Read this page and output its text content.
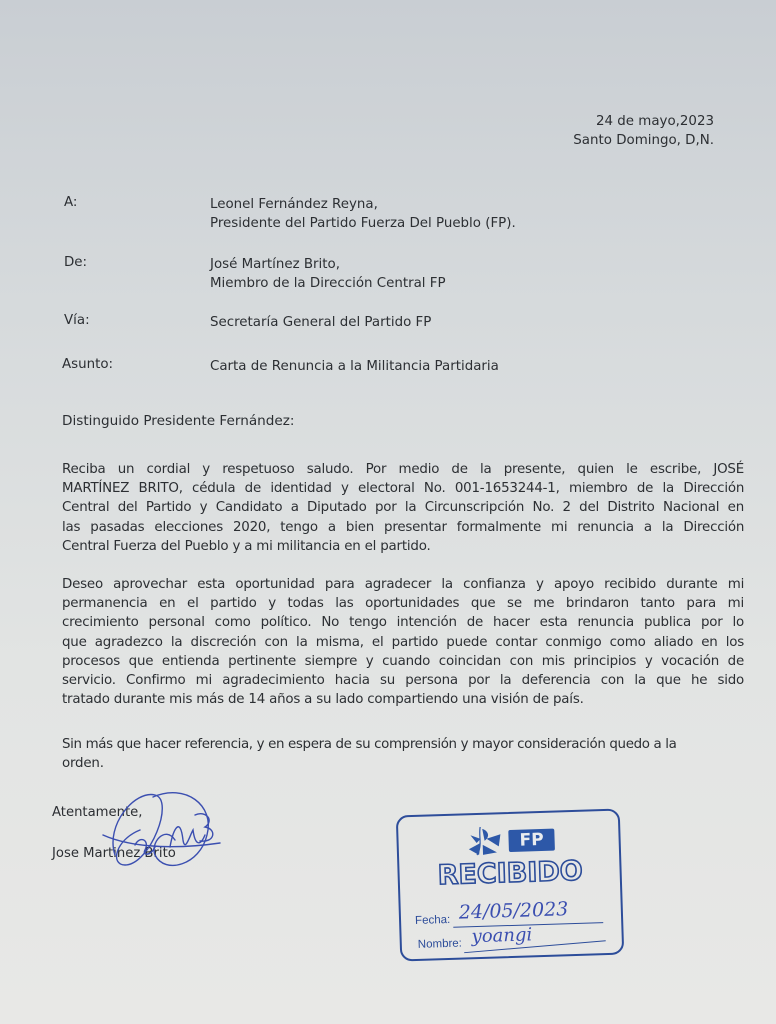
24 de mayo,2023
Santo Domingo, D,N.
A:	Leonel Fernández Reyna,
Presidente del Partido Fuerza Del Pueblo (FP).
De:	José Martínez Brito,
Miembro de la Dirección Central FP
Vía:	Secretaría General del Partido FP
Asunto:	Carta de Renuncia a la Militancia Partidaria
Distinguido Presidente Fernández:
Reciba un cordial y respetuoso saludo. Por medio de la presente, quien le escribe, JOSÉ
MARTÍNEZ BRITO, cédula de identidad y electoral No. 001-1653244-1, miembro de la Dirección
Central del Partido y Candidato a Diputado por la Circunscripción No. 2 del Distrito Nacional en
las pasadas elecciones 2020, tengo a bien presentar formalmente mi renuncia a la Dirección
Central Fuerza del Pueblo y a mi militancia en el partido.
Deseo aprovechar esta oportunidad para agradecer la confianza y apoyo recibido durante mi
permanencia en el partido y todas las oportunidades que se me brindaron tanto para mi
crecimiento personal como político. No tengo intención de hacer esta renuncia publica por lo
que agradezco la discreción con la misma, el partido puede contar conmigo como aliado en los
procesos que entienda pertinente siempre y cuando coincidan con mis principios y vocación de
servicio. Confirmo mi agradecimiento hacia su persona por la deferencia con la que he sido
tratado durante mis más de 14 años a su lado compartiendo una visión de país.
Sin más que hacer referencia, y en espera de su comprensión y mayor consideración quedo a la
orden.
Atentamente,
Jose Martinez Brito
FP
RECIBIDO
Fecha: 24/05/2023
Nombre: yoangi
